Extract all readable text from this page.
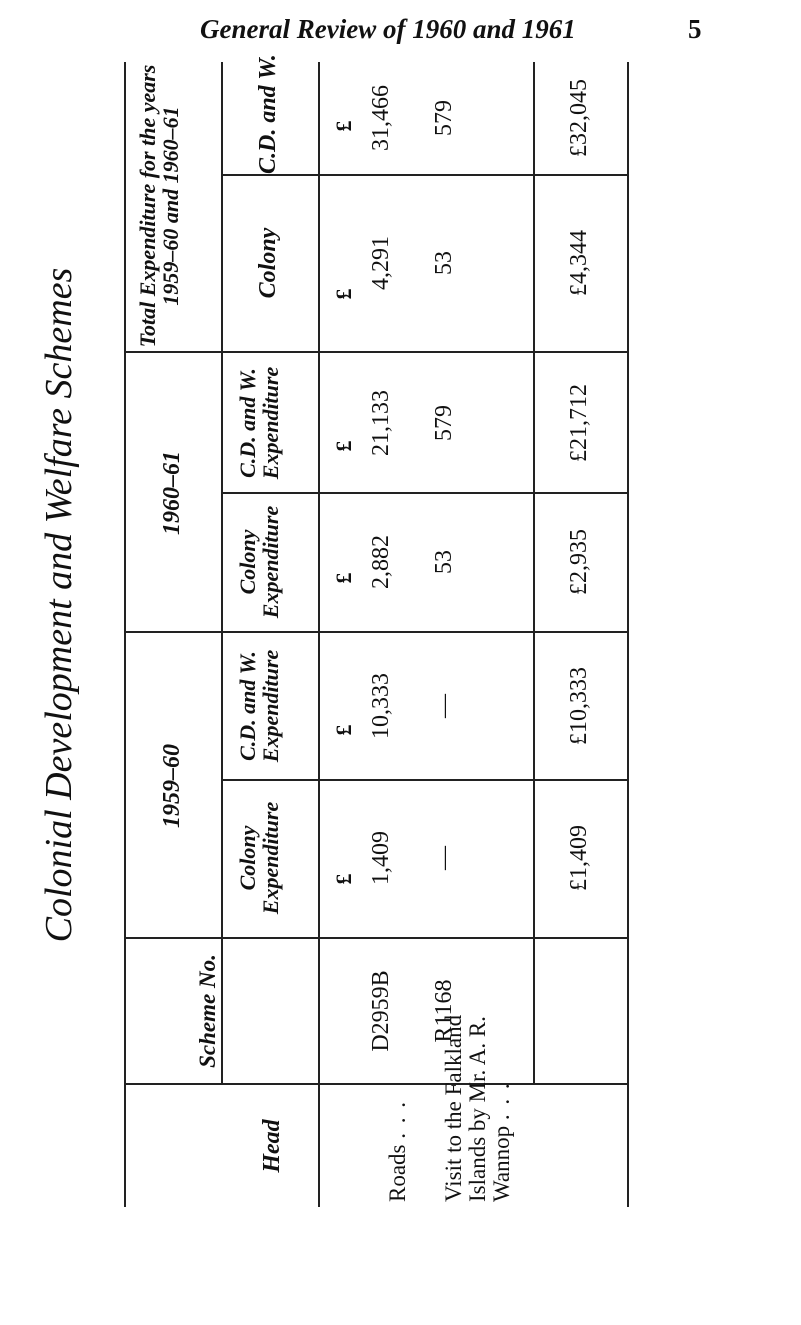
General Review of 1960 and 1961	5
Colonial Development and Welfare Schemes
Total Expenditure for the years
1959–60 and 1960–61
1960–61
1959–60
Scheme No.
Head
C.D. and W.
Colony
C.D. and W. Expenditure
Colony Expenditure
C.D. and W. Expenditure
Colony Expenditure
£
£
£
£
£
£
31,466
4,291
21,133
2,882
10,333
1,409
D2959B
Roads . . .
579
53
579
53
—
—
R1168
Visit to the Falkland Islands by Mr. A. R. Wannop . . .
£32,045
£4,344
£21,712
£2,935
£10,333
£1,409
